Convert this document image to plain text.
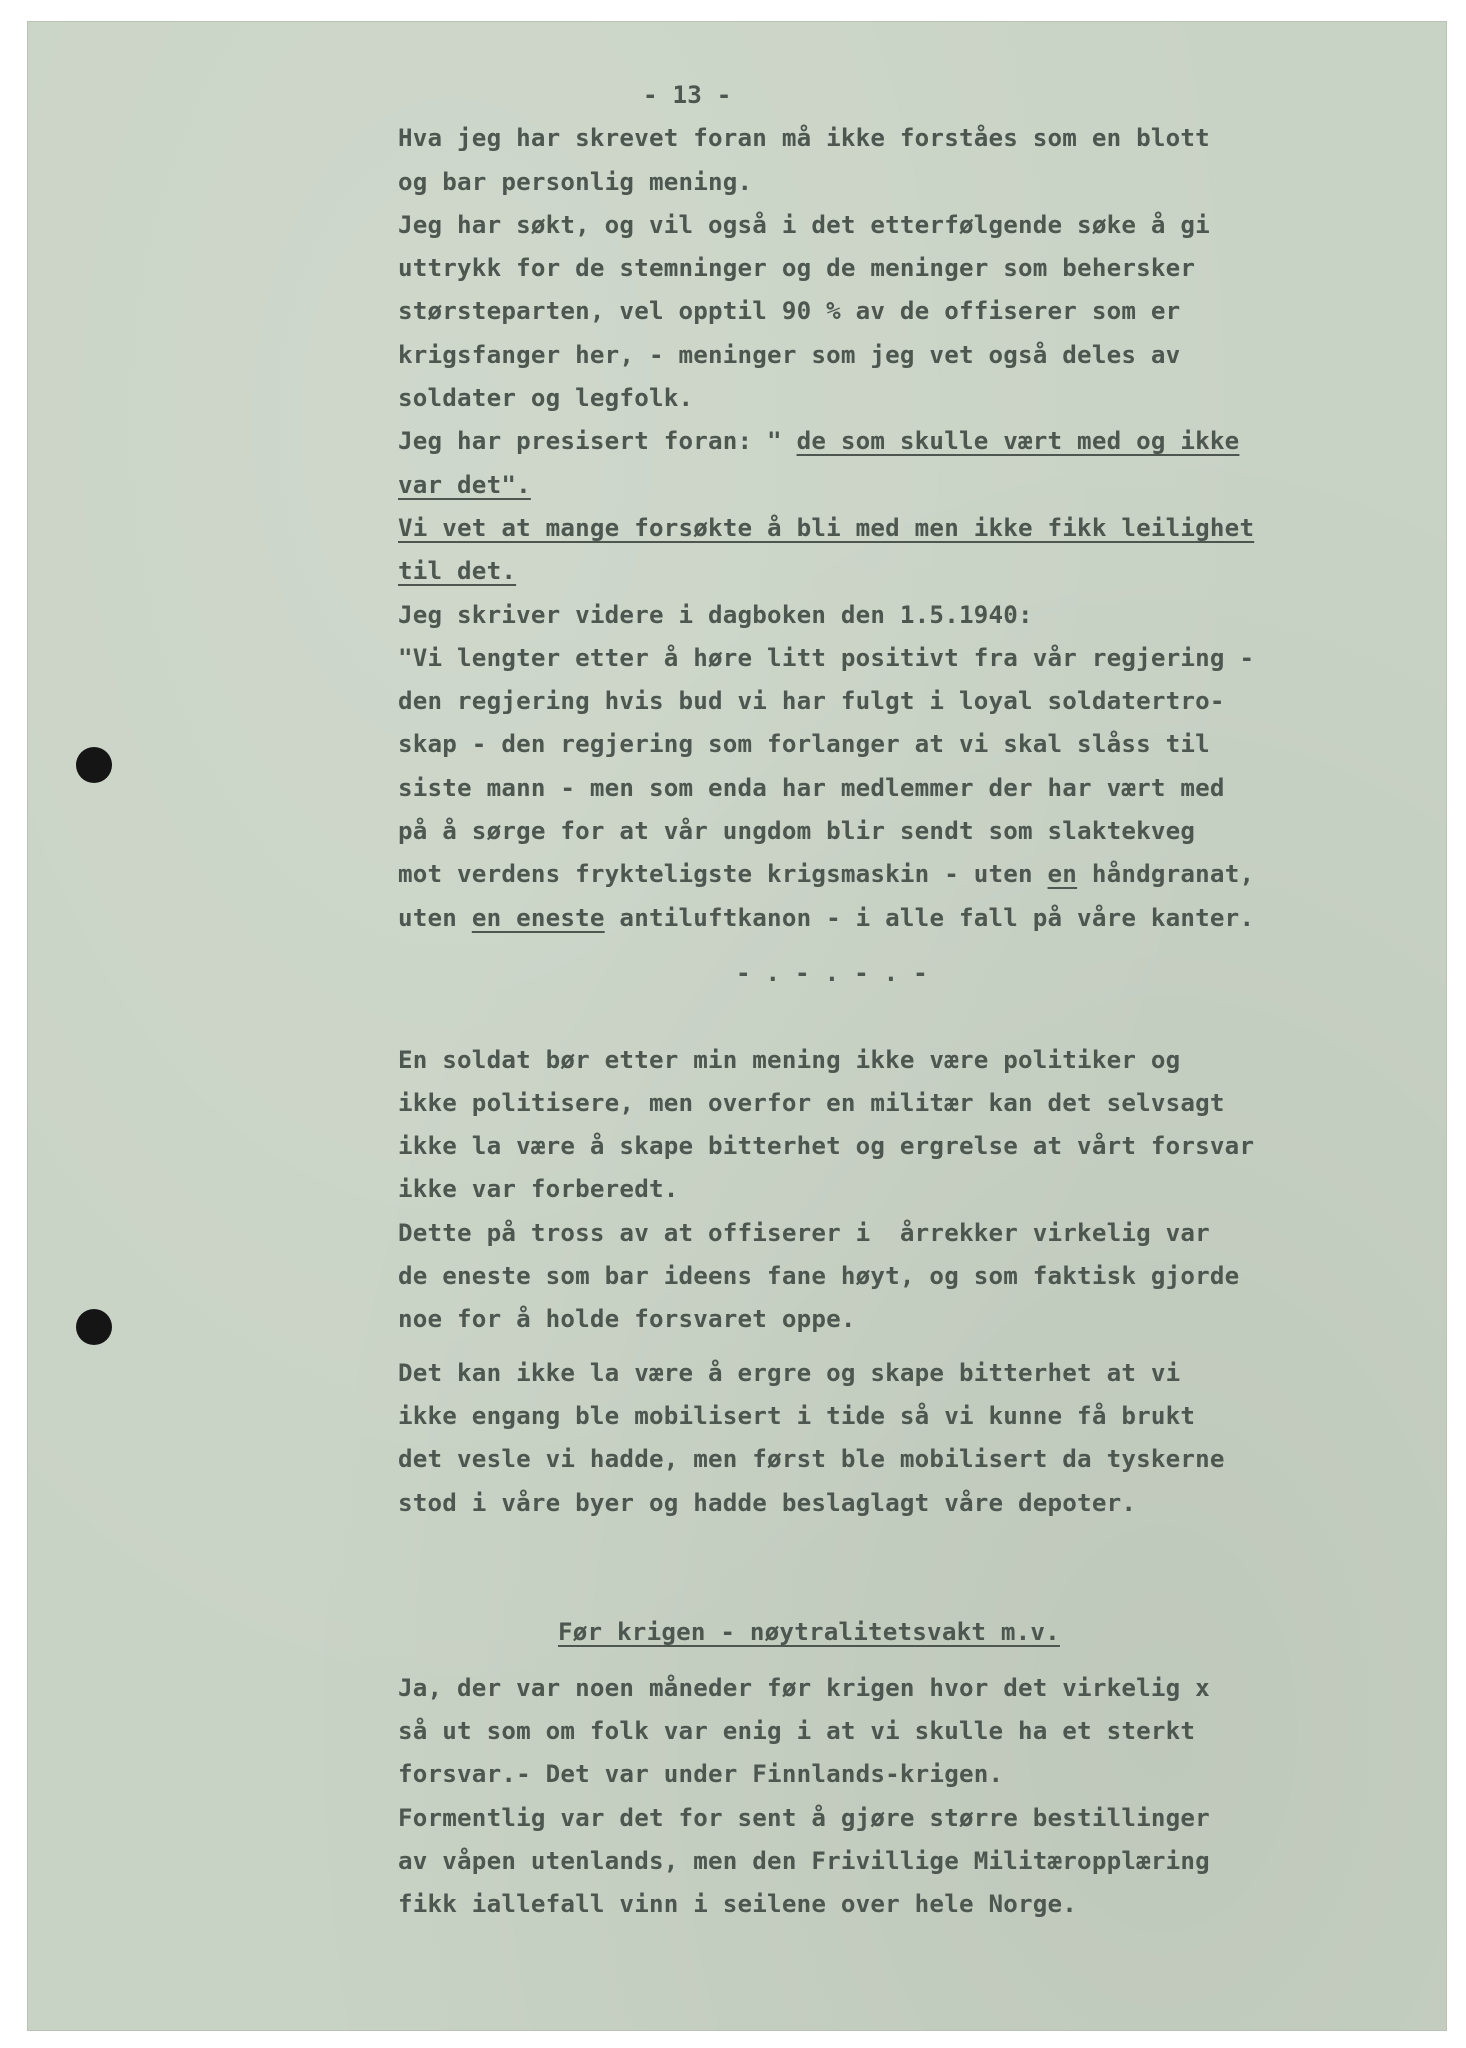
- 13 -
Hva jeg har skrevet foran må ikke forståes som en blott
og bar personlig mening.
Jeg har søkt, og vil også i det etterfølgende søke å gi
uttrykk for de stemninger og de meninger som behersker
størsteparten, vel opptil 90 % av de offiserer som er
krigsfanger her, - meninger som jeg vet også deles av
soldater og legfolk.
Jeg har presisert foran: " de som skulle vært med og ikke
var det".
Vi vet at mange forsøkte å bli med men ikke fikk leilighet
til det.
Jeg skriver videre i dagboken den 1.5.1940:
"Vi lengter etter å høre litt positivt fra vår regjering -
den regjering hvis bud vi har fulgt i loyal soldatertro-
skap - den regjering som forlanger at vi skal slåss til
siste mann - men som enda har medlemmer der har vært med
på å sørge for at vår ungdom blir sendt som slaktekveg
mot verdens frykteligste krigsmaskin - uten en håndgranat,
uten en eneste antiluftkanon - i alle fall på våre kanter.
- . - . - . -
En soldat bør etter min mening ikke være politiker og
ikke politisere, men overfor en militær kan det selvsagt
ikke la være å skape bitterhet og ergrelse at vårt forsvar
ikke var forberedt.
Dette på tross av at offiserer i  årrekker virkelig var
de eneste som bar ideens fane høyt, og som faktisk gjorde
noe for å holde forsvaret oppe.
Det kan ikke la være å ergre og skape bitterhet at vi
ikke engang ble mobilisert i tide så vi kunne få brukt
det vesle vi hadde, men først ble mobilisert da tyskerne
stod i våre byer og hadde beslaglagt våre depoter.
Før krigen - nøytralitetsvakt m.v.
Ja, der var noen måneder før krigen hvor det virkelig x
så ut som om folk var enig i at vi skulle ha et sterkt
forsvar.- Det var under Finnlands-krigen.
Formentlig var det for sent å gjøre større bestillinger
av våpen utenlands, men den Frivillige Militæropplæring
fikk iallefall vinn i seilene over hele Norge.
